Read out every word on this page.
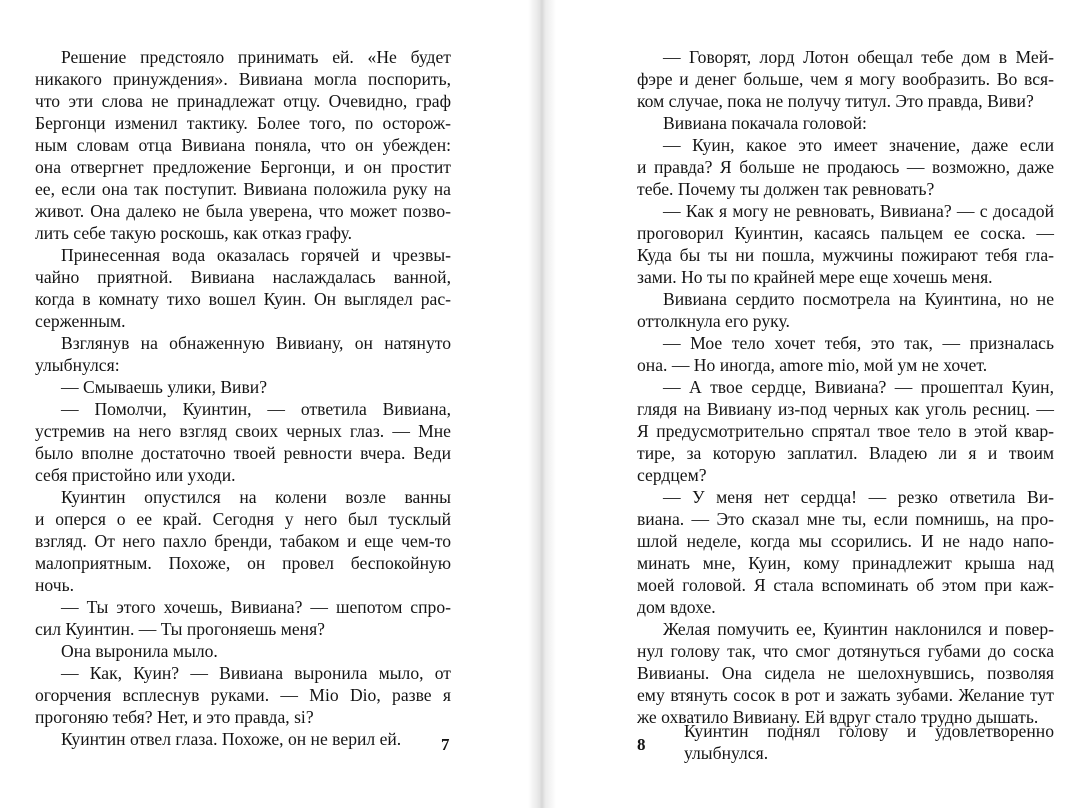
Решение предстояло принимать ей. «Не будет
никакого принуждения». Вивиана могла поспорить,
что эти слова не принадлежат отцу. Очевидно, граф
Бергонци изменил тактику. Более того, по осторож-
ным словам отца Вивиана поняла, что он убежден:
она отвергнет предложение Бергонци, и он простит
ее, если она так поступит. Вивиана положила руку на
живот. Она далеко не была уверена, что может позво-
лить себе такую роскошь, как отказ графу.

Принесенная вода оказалась горячей и чрезвы-
чайно приятной. Вивиана наслаждалась ванной,
когда в комнату тихо вошел Куин. Он выглядел рас-
серженным.

Взглянув на обнаженную Вивиану, он натянуто
улыбнулся:

— Смываешь улики, Виви?

— Помолчи, Куинтин, — ответила Вивиана,
устремив на него взгляд своих черных глаз. — Мне
было вполне достаточно твоей ревности вчера. Веди
себя пристойно или уходи.

Куинтин опустился на колени возле ванны
и оперся о ее край. Сегодня у него был тусклый
взгляд. От него пахло бренди, табаком и еще чем-то
малоприятным. Похоже, он провел беспокойную
ночь.

— Ты этого хочешь, Вивиана? — шепотом спро-
сил Куинтин. — Ты прогоняешь меня?

Она выронила мыло.

— Как, Куин? — Вивиана выронила мыло, от
огорчения всплеснув руками. — Mio Dio, разве я
прогоняю тебя? Нет, и это правда, si?

Куинтин отвел глаза. Похоже, он не верил ей.	7

— Говорят, лорд Лотон обещал тебе дом в Мей-
фэре и денег больше, чем я могу вообразить. Во вся-
ком случае, пока не получу титул. Это правда, Виви?

Вивиана покачала головой:

— Куин, какое это имеет значение, даже если
и правда? Я больше не продаюсь — возможно, даже
тебе. Почему ты должен так ревновать?

— Как я могу не ревновать, Вивиана? — с досадой
проговорил Куинтин, касаясь пальцем ее соска. —
Куда бы ты ни пошла, мужчины пожирают тебя гла-
зами. Но ты по крайней мере еще хочешь меня.

Вивиана сердито посмотрела на Куинтина, но не
оттолкнула его руку.

— Мое тело хочет тебя, это так, — призналась
она. — Но иногда, amore mio, мой ум не хочет.

— А твое сердце, Вивиана? — прошептал Куин,
глядя на Вивиану из-под черных как уголь ресниц. —
Я предусмотрительно спрятал твое тело в этой квар-
тире, за которую заплатил. Владею ли я и твоим
сердцем?

— У меня нет сердца! — резко ответила Ви-
виана. — Это сказал мне ты, если помнишь, на про-
шлой неделе, когда мы ссорились. И не надо напо-
минать мне, Куин, кому принадлежит крыша над
моей головой. Я стала вспоминать об этом при каж-
дом вдохе.

Желая помучить ее, Куинтин наклонился и повер-
нул голову так, что смог дотянуться губами до соска
Вивианы. Она сидела не шелохнувшись, позволяя
ему втянуть сосок в рот и зажать зубами. Желание тут
же охватило Вивиану. Ей вдруг стало трудно дышать.

Куинтин поднял голову и удовлетворенно
улыбнулся.
8
